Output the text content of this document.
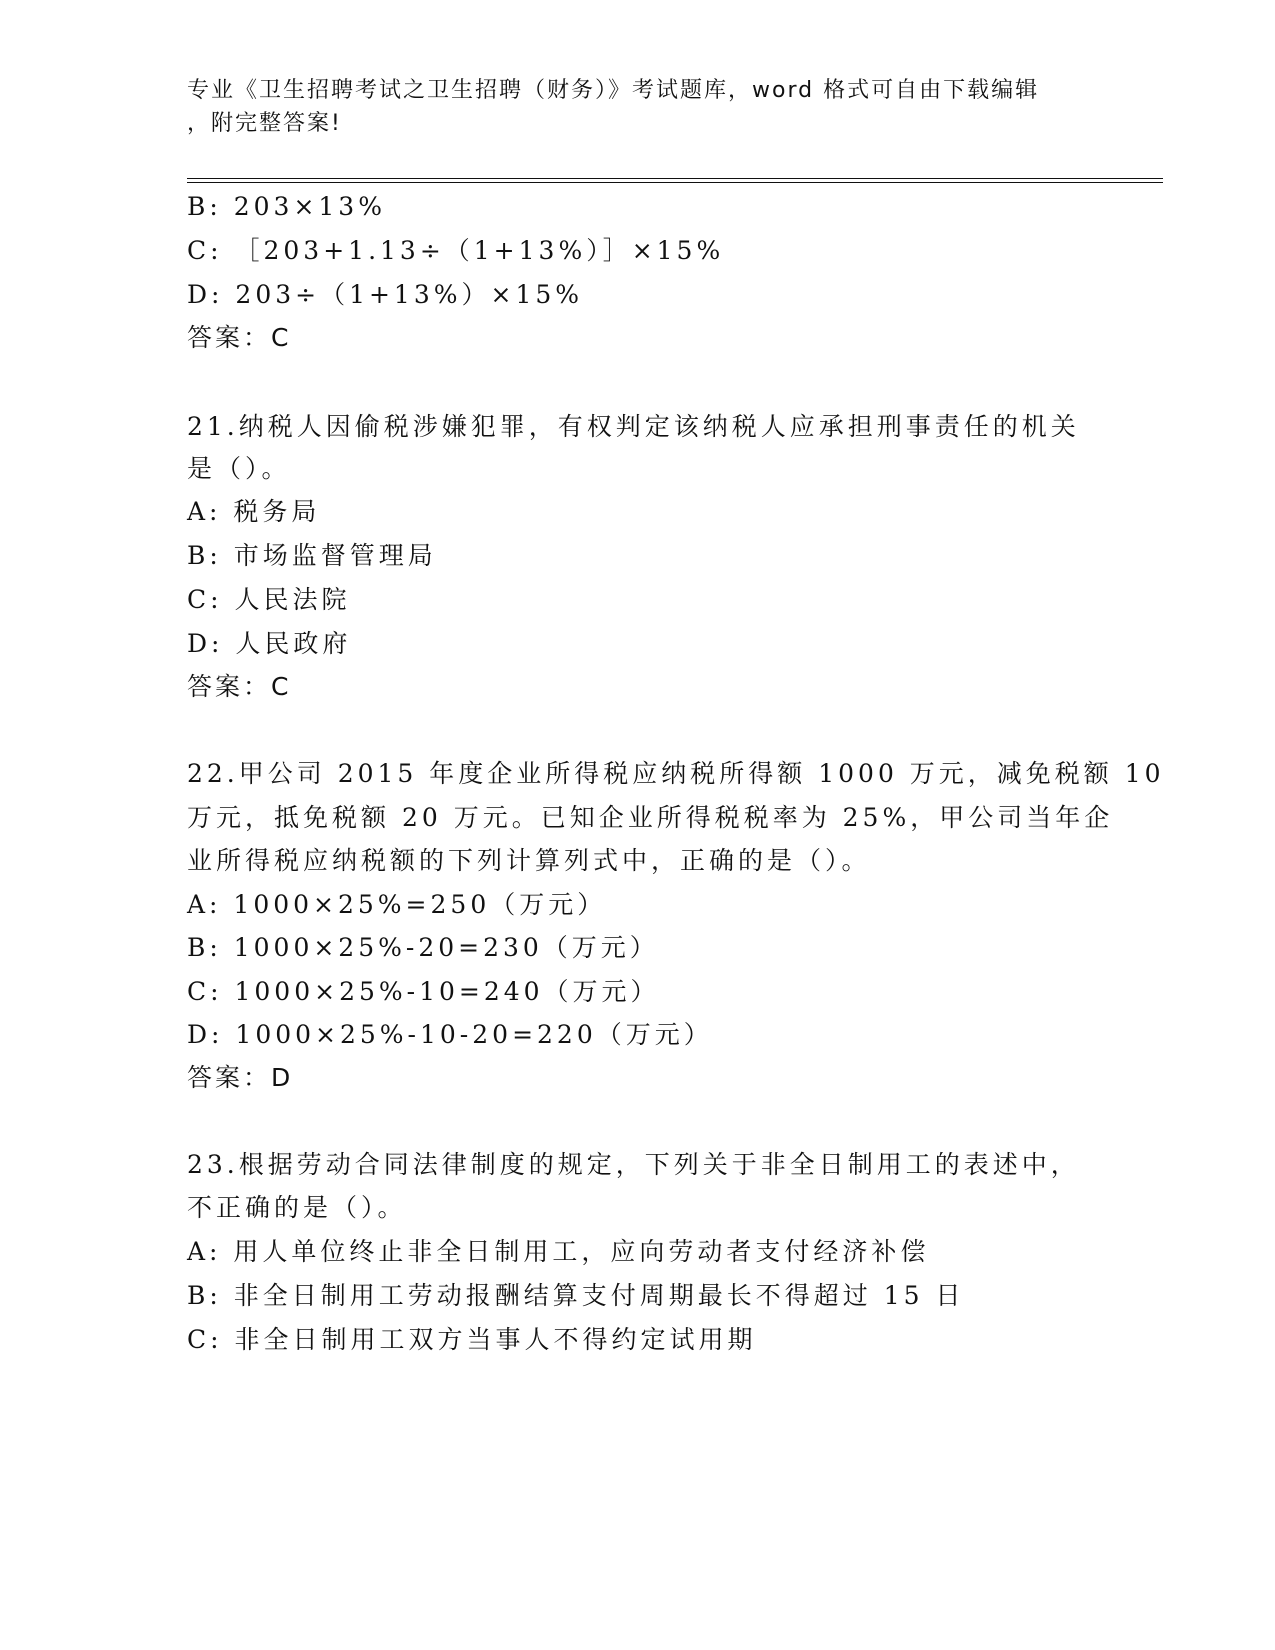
专业《卫生招聘考试之卫生招聘（财务）》考试题库，word 格式可自由下载编辑
，附完整答案!
B: 203×13%
C: ［203+1.13÷（1+13%）］×15%
D: 203÷（1+13%）×15%
答案：C
21.纳税人因偷税涉嫌犯罪，有权判定该纳税人应承担刑事责任的机关
是（）。
A: 税务局
B: 市场监督管理局
C: 人民法院
D: 人民政府
答案：C
22.甲公司 2015 年度企业所得税应纳税所得额 1000 万元，减免税额 10
万元，抵免税额 20 万元。已知企业所得税税率为 25%，甲公司当年企
业所得税应纳税额的下列计算列式中，正确的是（）。
A: 1000×25%=250（万元）
B: 1000×25%-20=230（万元）
C: 1000×25%-10=240（万元）
D: 1000×25%-10-20=220（万元）
答案：D
23.根据劳动合同法律制度的规定，下列关于非全日制用工的表述中，
不正确的是（）。
A: 用人单位终止非全日制用工，应向劳动者支付经济补偿
B: 非全日制用工劳动报酬结算支付周期最长不得超过 15 日
C: 非全日制用工双方当事人不得约定试用期
